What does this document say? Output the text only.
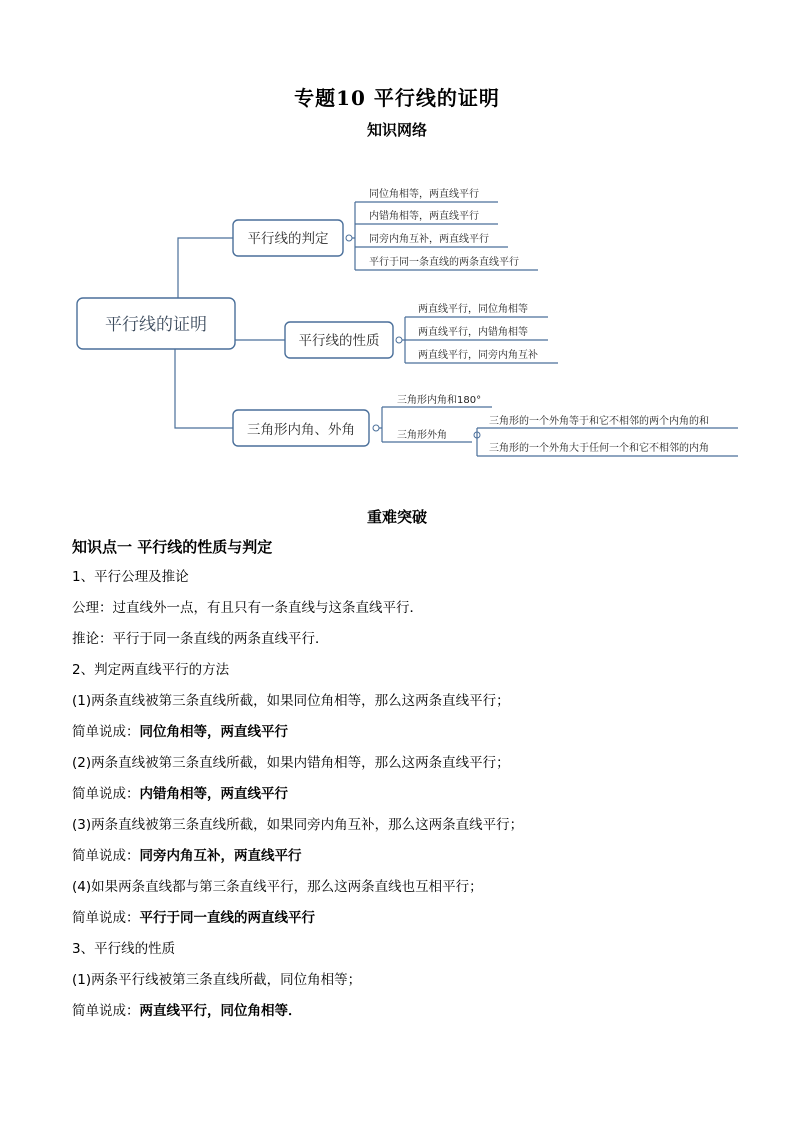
专题10 平行线的证明
知识网络
平行线的证明
平行线的判定
同位角相等，两直线平行
内错角相等，两直线平行
同旁内角互补，两直线平行
平行于同一条直线的两条直线平行
平行线的性质
两直线平行，同位角相等
两直线平行，内错角相等
两直线平行，同旁内角互补
三角形内角、外角
三角形内角和180°
三角形外角
三角形的一个外角等于和它不相邻的两个内角的和
三角形的一个外角大于任何一个和它不相邻的内角
重难突破
知识点一 平行线的性质与判定
1、平行公理及推论
公理：过直线外一点，有且只有一条直线与这条直线平行．
推论：平行于同一条直线的两条直线平行．
2、判定两直线平行的方法
(1)两条直线被第三条直线所截，如果同位角相等，那么这两条直线平行；
简单说成：同位角相等，两直线平行
(2)两条直线被第三条直线所截，如果内错角相等，那么这两条直线平行；
简单说成：内错角相等，两直线平行
(3)两条直线被第三条直线所截，如果同旁内角互补，那么这两条直线平行；
简单说成：同旁内角互补，两直线平行
(4)如果两条直线都与第三条直线平行，那么这两条直线也互相平行；
简单说成：平行于同一直线的两直线平行
3、平行线的性质
(1)两条平行线被第三条直线所截，同位角相等；
简单说成：两直线平行，同位角相等．
